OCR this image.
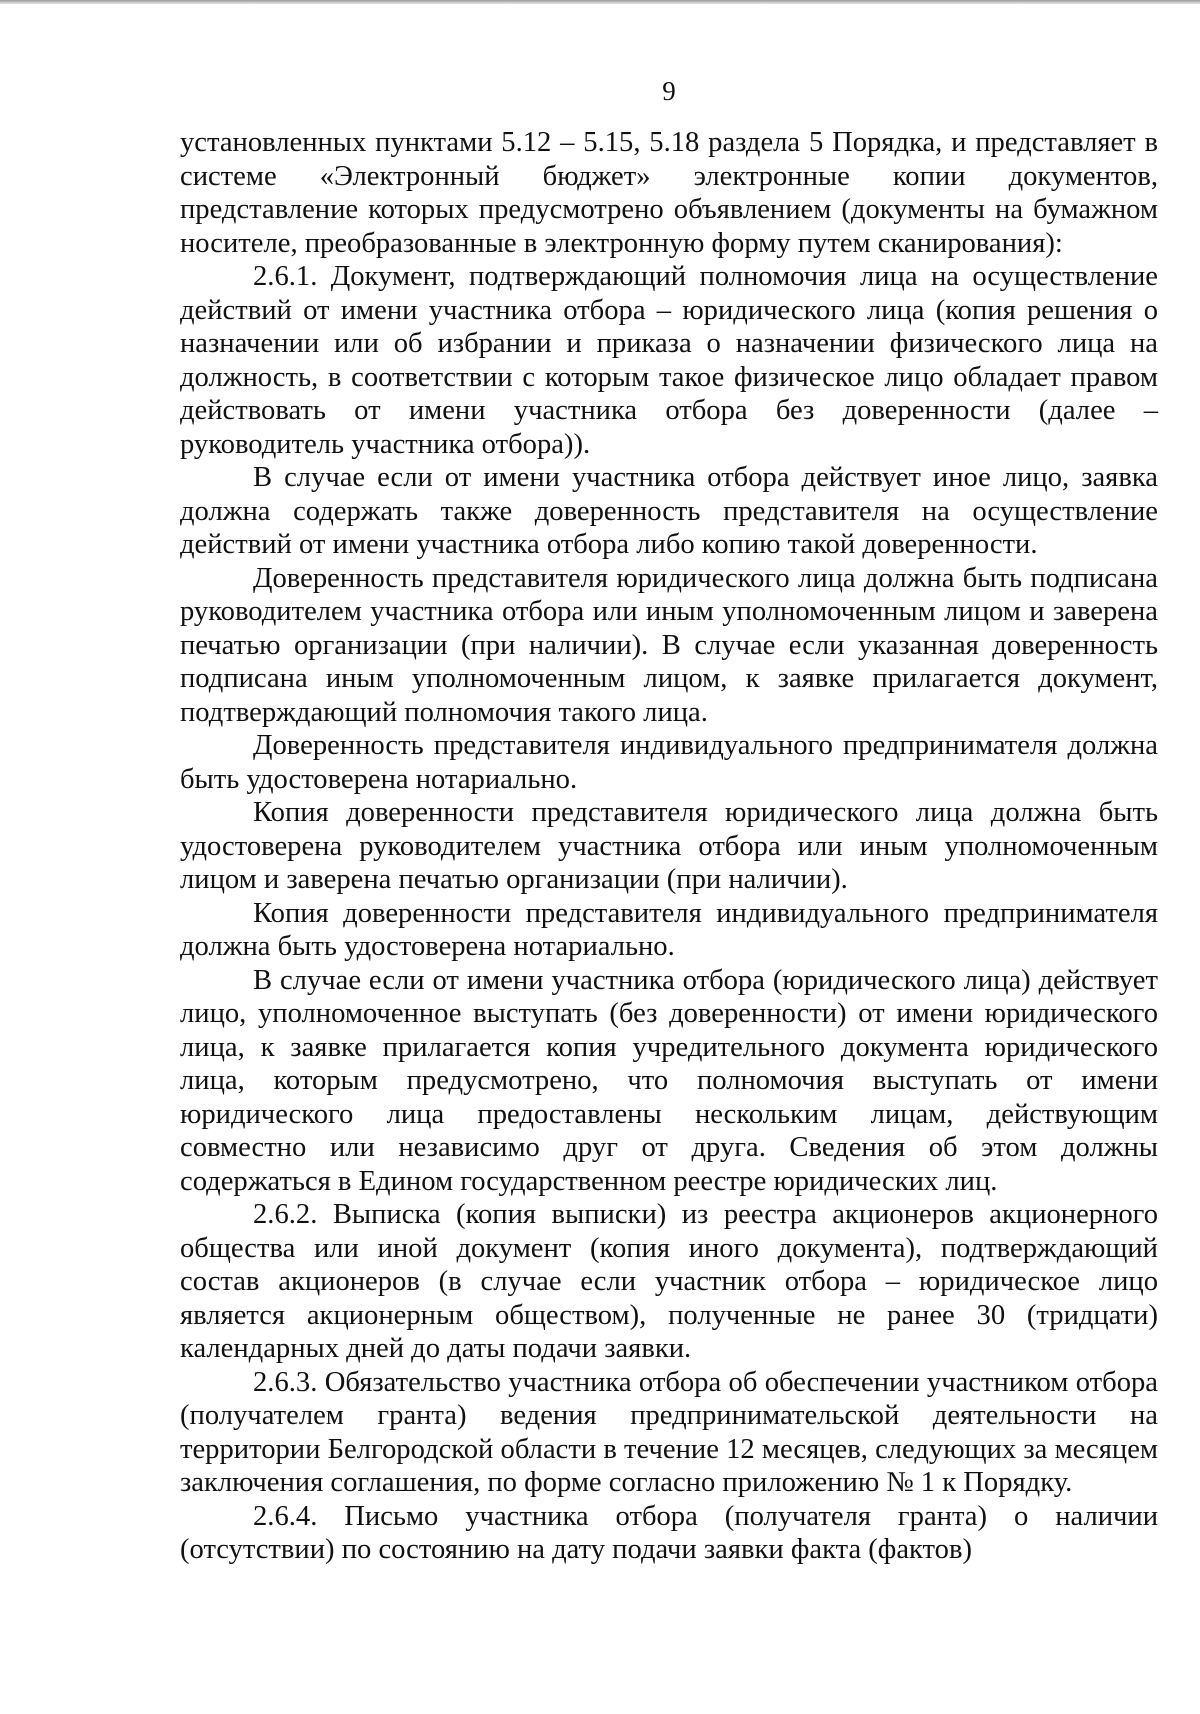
9

установленных пунктами 5.12 – 5.15, 5.18 раздела 5 Порядка, и представляет в системе «Электронный бюджет» электронные копии документов, представление которых предусмотрено объявлением (документы на бумажном носителе, преобразованные в электронную форму путем сканирования):

2.6.1. Документ, подтверждающий полномочия лица на осуществление действий от имени участника отбора – юридического лица (копия решения о назначении или об избрании и приказа о назначении физического лица на должность, в соответствии с которым такое физическое лицо обладает правом действовать от имени участника отбора без доверенности (далее – руководитель участника отбора)).

В случае если от имени участника отбора действует иное лицо, заявка должна содержать также доверенность представителя на осуществление действий от имени участника отбора либо копию такой доверенности.

Доверенность представителя юридического лица должна быть подписана руководителем участника отбора или иным уполномоченным лицом и заверена печатью организации (при наличии). В случае если указанная доверенность подписана иным уполномоченным лицом, к заявке прилагается документ, подтверждающий полномочия такого лица.

Доверенность представителя индивидуального предпринимателя должна быть удостоверена нотариально.

Копия доверенности представителя юридического лица должна быть удостоверена руководителем участника отбора или иным уполномоченным лицом и заверена печатью организации (при наличии).

Копия доверенности представителя индивидуального предпринимателя должна быть удостоверена нотариально.

В случае если от имени участника отбора (юридического лица) действует лицо, уполномоченное выступать (без доверенности) от имени юридического лица, к заявке прилагается копия учредительного документа юридического лица, которым предусмотрено, что полномочия выступать от имени юридического лица предоставлены нескольким лицам, действующим совместно или независимо друг от друга. Сведения об этом должны содержаться в Едином государственном реестре юридических лиц.

2.6.2. Выписка (копия выписки) из реестра акционеров акционерного общества или иной документ (копия иного документа), подтверждающий состав акционеров (в случае если участник отбора – юридическое лицо является акционерным обществом), полученные не ранее 30 (тридцати) календарных дней до даты подачи заявки.

2.6.3. Обязательство участника отбора об обеспечении участником отбора (получателем гранта) ведения предпринимательской деятельности на территории Белгородской области в течение 12 месяцев, следующих за месяцем заключения соглашения, по форме согласно приложению № 1 к Порядку.

2.6.4. Письмо участника отбора (получателя гранта) о наличии (отсутствии) по состоянию на дату подачи заявки факта (фактов)
